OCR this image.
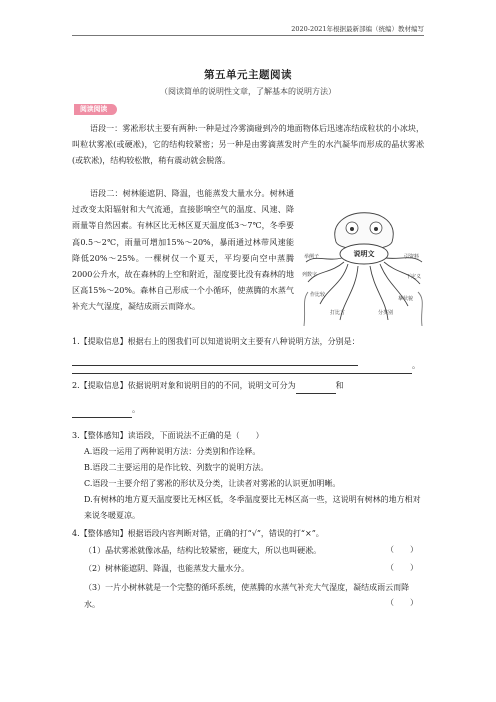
2020-2021年根据最新部编（统编）教材编写
第五单元主题阅读
（阅读简单的说明性文章，了解基本的说明方法）
阅读阅读
语段一：雾凇形状主要有两种:一种是过冷雾滴碰到冷的地面物体后迅速冻结成粒状的小冰块，叫粒状雾凇(或硬凇)，它的结构较紧密；另一种是由雾滴蒸发时产生的水汽凝华而形成的晶状雾凇(或软凇)，结构较松散，稍有震动就会脱落。
语段二：树林能遮阴、降温，也能蒸发大量水分。树林通过改变太阳辐射和大气流通，直接影响空气的温度、风速、降雨量等自然因素。有林区比无林区夏天温度低3～7℃，冬季要高0.5～2℃，雨量可增加15%～20%，暴雨通过林带风速能降低20%～25%。一棵树仅一个夏天，平均要向空中蒸腾2000公升水，故在森林的上空和附近，湿度要比没有森林的地区高15%～20%。森林自己形成一个小循环，使蒸腾的水蒸气补充大气湿度，凝结成雨云而降水。
说明文
举例子
列数字
作比较
打比方	分类别
摹状貌
下定义
引资料
1.【提取信息】根据右上的图我们可以知道说明文主要有八种说明方法，分别是：
。
2.【提取信息】依据说明对象和说明目的的不同，说明文可分为	和
。
3.【整体感知】读语段，下面说法不正确的是（　　）
A.语段一运用了两种说明方法：分类别和作诠释。
B.语段二主要运用的是作比较、列数字的说明方法。
C.语段一主要介绍了雾凇的形状及分类，让读者对雾凇的认识更加明晰。
D.有树林的地方夏天温度要比无林区低，冬季温度要比无林区高一些，这说明有树林的地方相对来说冬暖夏凉。
4.【整体感知】根据语段内容判断对错，正确的打“√”，错误的打“×”。
（1）晶状雾凇就像冰晶，结构比较紧密，硬度大，所以也叫硬凇。	（　　）
（2）树林能遮阴、降温，也能蒸发大量水分。	（　　）
（3）一片小树林就是一个完整的循环系统，使蒸腾的水蒸气补充大气湿度，凝结成雨云而降水。	（　　）
